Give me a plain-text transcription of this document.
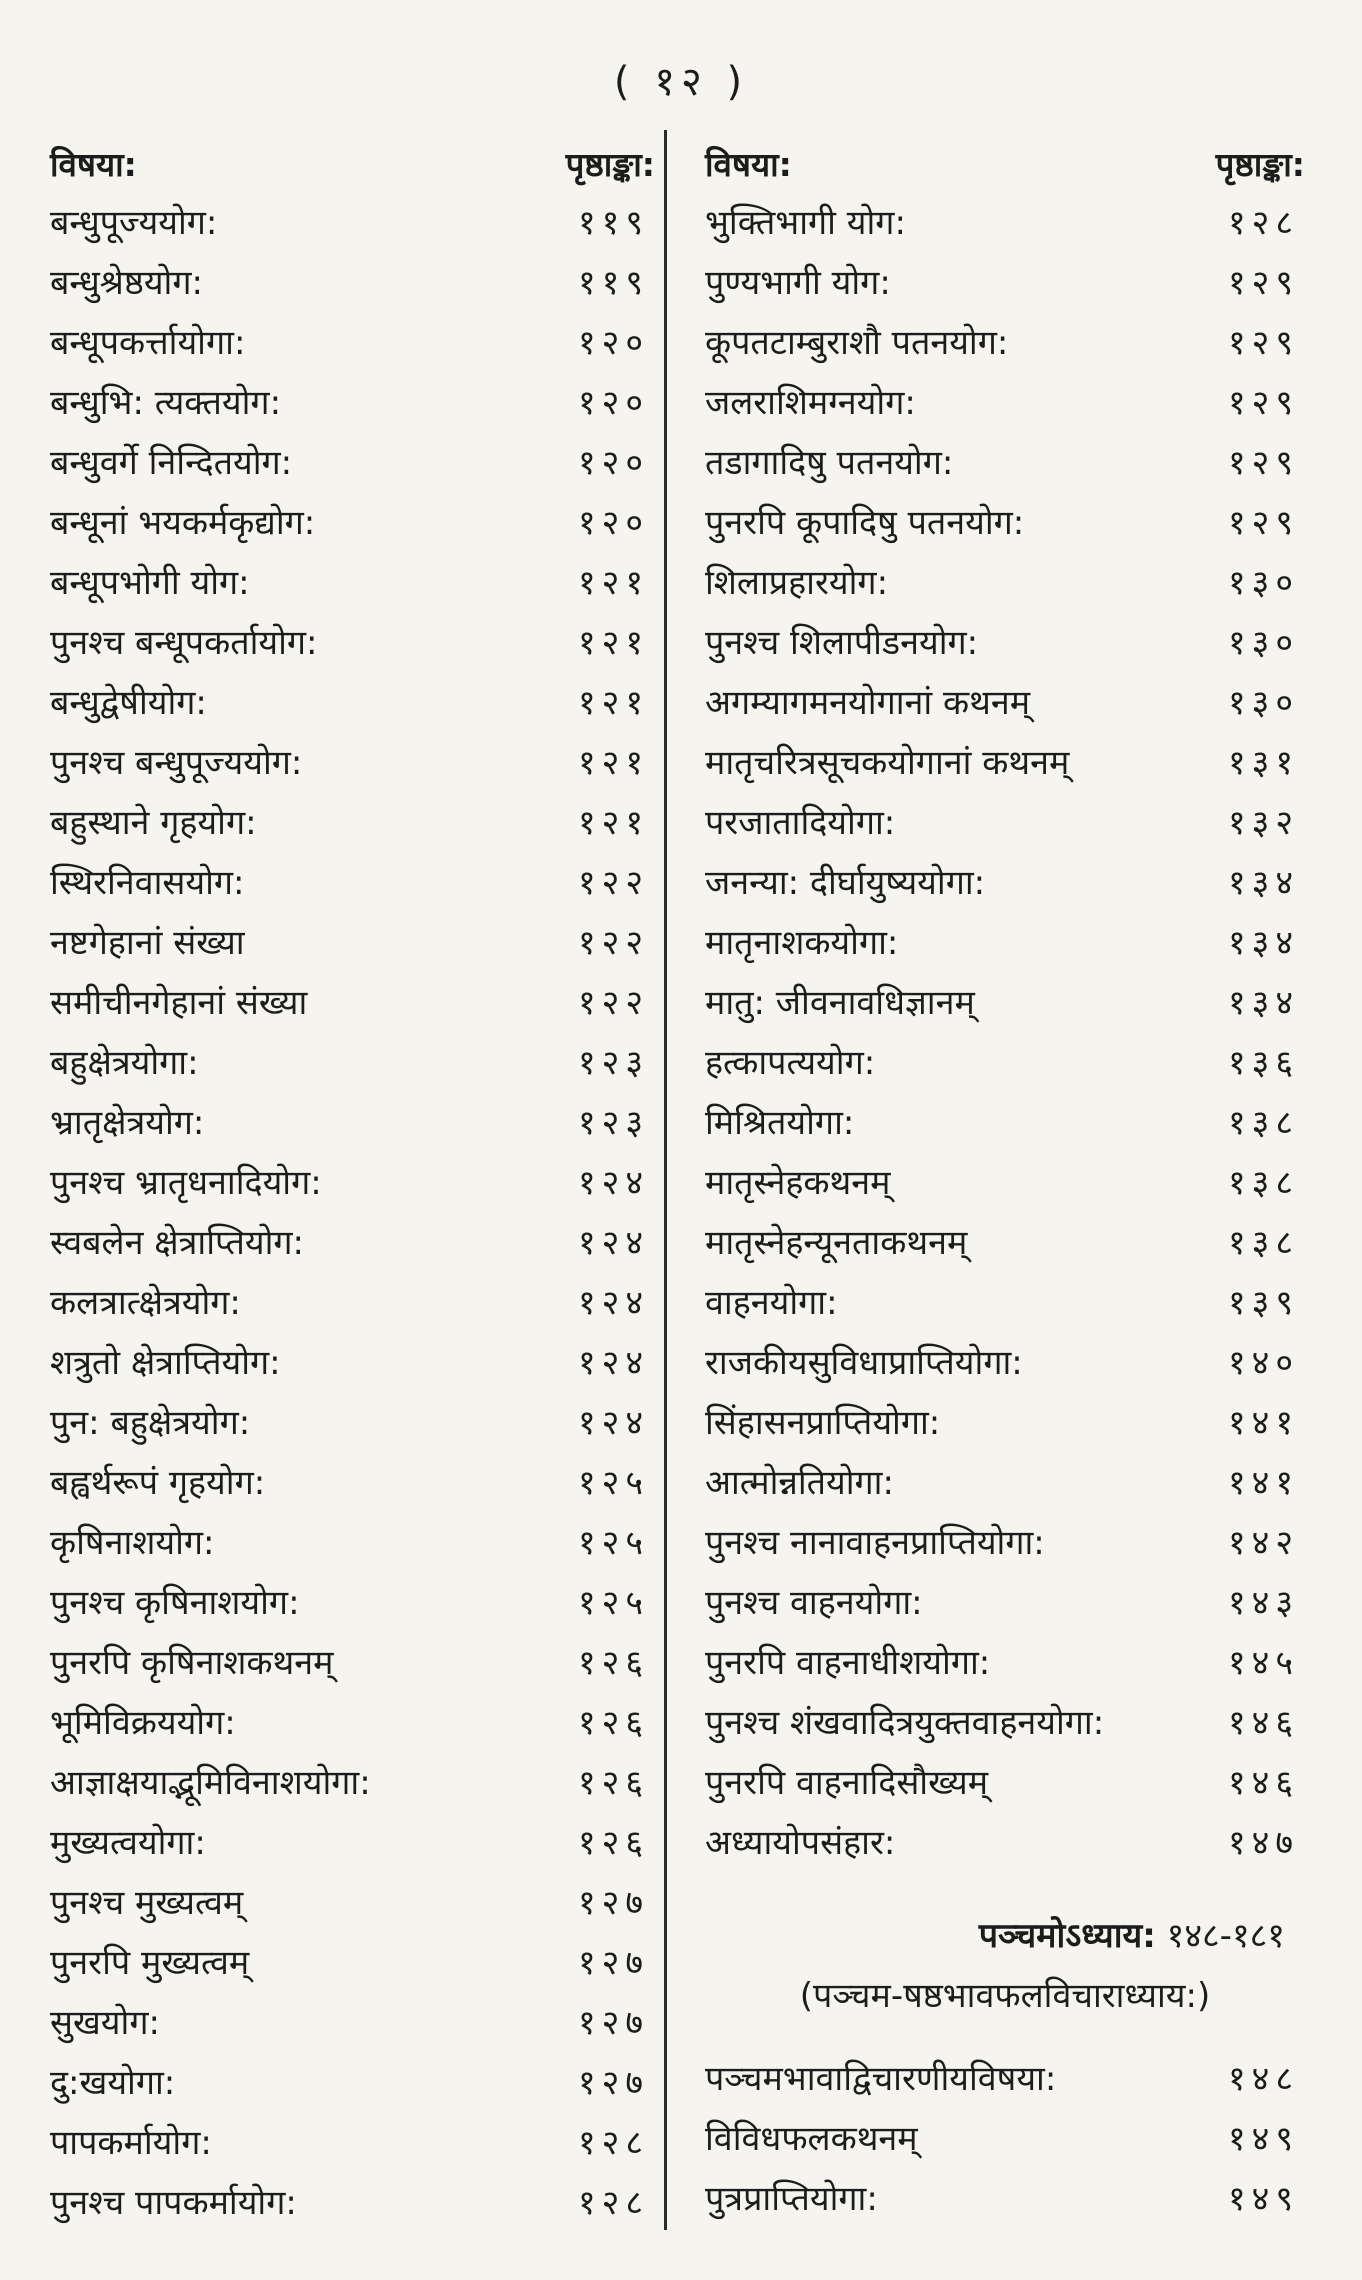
( १२ )
विषया:	पृष्ठाङ्का:
बन्धुपूज्ययोग:	११९
बन्धुश्रेष्ठयोग:	११९
बन्धूपकर्त्तायोगा:	१२०
बन्धुभि: त्यक्तयोग:	१२०
बन्धुवर्गे निन्दितयोग:	१२०
बन्धूनां भयकर्मकृद्योग:	१२०
बन्धूपभोगी योग:	१२१
पुनश्च बन्धूपकर्तायोग:	१२१
बन्धुद्वेषीयोग:	१२१
पुनश्च बन्धुपूज्ययोग:	१२१
बहुस्थाने गृहयोग:	१२१
स्थिरनिवासयोग:	१२२
नष्टगेहानां संख्या	१२२
समीचीनगेहानां संख्या	१२२
बहुक्षेत्रयोगा:	१२३
भ्रातृक्षेत्रयोग:	१२३
पुनश्च भ्रातृधनादियोग:	१२४
स्वबलेन क्षेत्राप्तियोग:	१२४
कलत्रात्क्षेत्रयोग:	१२४
शत्रुतो क्षेत्राप्तियोग:	१२४
पुन: बहुक्षेत्रयोग:	१२४
बह्वर्थरूपं गृहयोग:	१२५
कृषिनाशयोग:	१२५
पुनश्च कृषिनाशयोग:	१२५
पुनरपि कृषिनाशकथनम्	१२६
भूमिविक्रययोग:	१२६
आज्ञाक्षयाद्भूमिविनाशयोगा:	१२६
मुख्यत्वयोगा:	१२६
पुनश्च मुख्यत्वम्	१२७
पुनरपि मुख्यत्वम्	१२७
सुखयोग:	१२७
दु:खयोगा:	१२७
पापकर्मायोग:	१२८
पुनश्च पापकर्मायोग:	१२८
विषया:	पृष्ठाङ्का:
भुक्तिभागी योग:	१२८
पुण्यभागी योग:	१२९
कूपतटाम्बुराशौ पतनयोग:	१२९
जलराशिमग्नयोग:	१२९
तडागादिषु पतनयोग:	१२९
पुनरपि कूपादिषु पतनयोग:	१२९
शिलाप्रहारयोग:	१३०
पुनश्च शिलापीडनयोग:	१३०
अगम्यागमनयोगानां कथनम्	१३०
मातृचरित्रसूचकयोगानां कथनम्	१३१
परजातादियोगा:	१३२
जनन्या: दीर्घायुष्ययोगा:	१३४
मातृनाशकयोगा:	१३४
मातु: जीवनावधिज्ञानम्	१३४
हत्कापत्ययोग:	१३६
मिश्रितयोगा:	१३८
मातृस्नेहकथनम्	१३८
मातृस्नेहन्यूनताकथनम्	१३८
वाहनयोगा:	१३९
राजकीयसुविधाप्राप्तियोगा:	१४०
सिंहासनप्राप्तियोगा:	१४१
आत्मोन्नतियोगा:	१४१
पुनश्च नानावाहनप्राप्तियोगा:	१४२
पुनश्च वाहनयोगा:	१४३
पुनरपि वाहनाधीशयोगा:	१४५
पुनश्च शंखवादित्रयुक्तवाहनयोगा:	१४६
पुनरपि वाहनादिसौख्यम्	१४६
अध्यायोपसंहार:	१४७
पञ्चमोऽध्याय: १४८-१८१
(पञ्चम-षष्ठभावफलविचाराध्याय:)
पञ्चमभावाद्विचारणीयविषया:	१४८
विविधफलकथनम्	१४९
पुत्रप्राप्तियोगा:	१४९
